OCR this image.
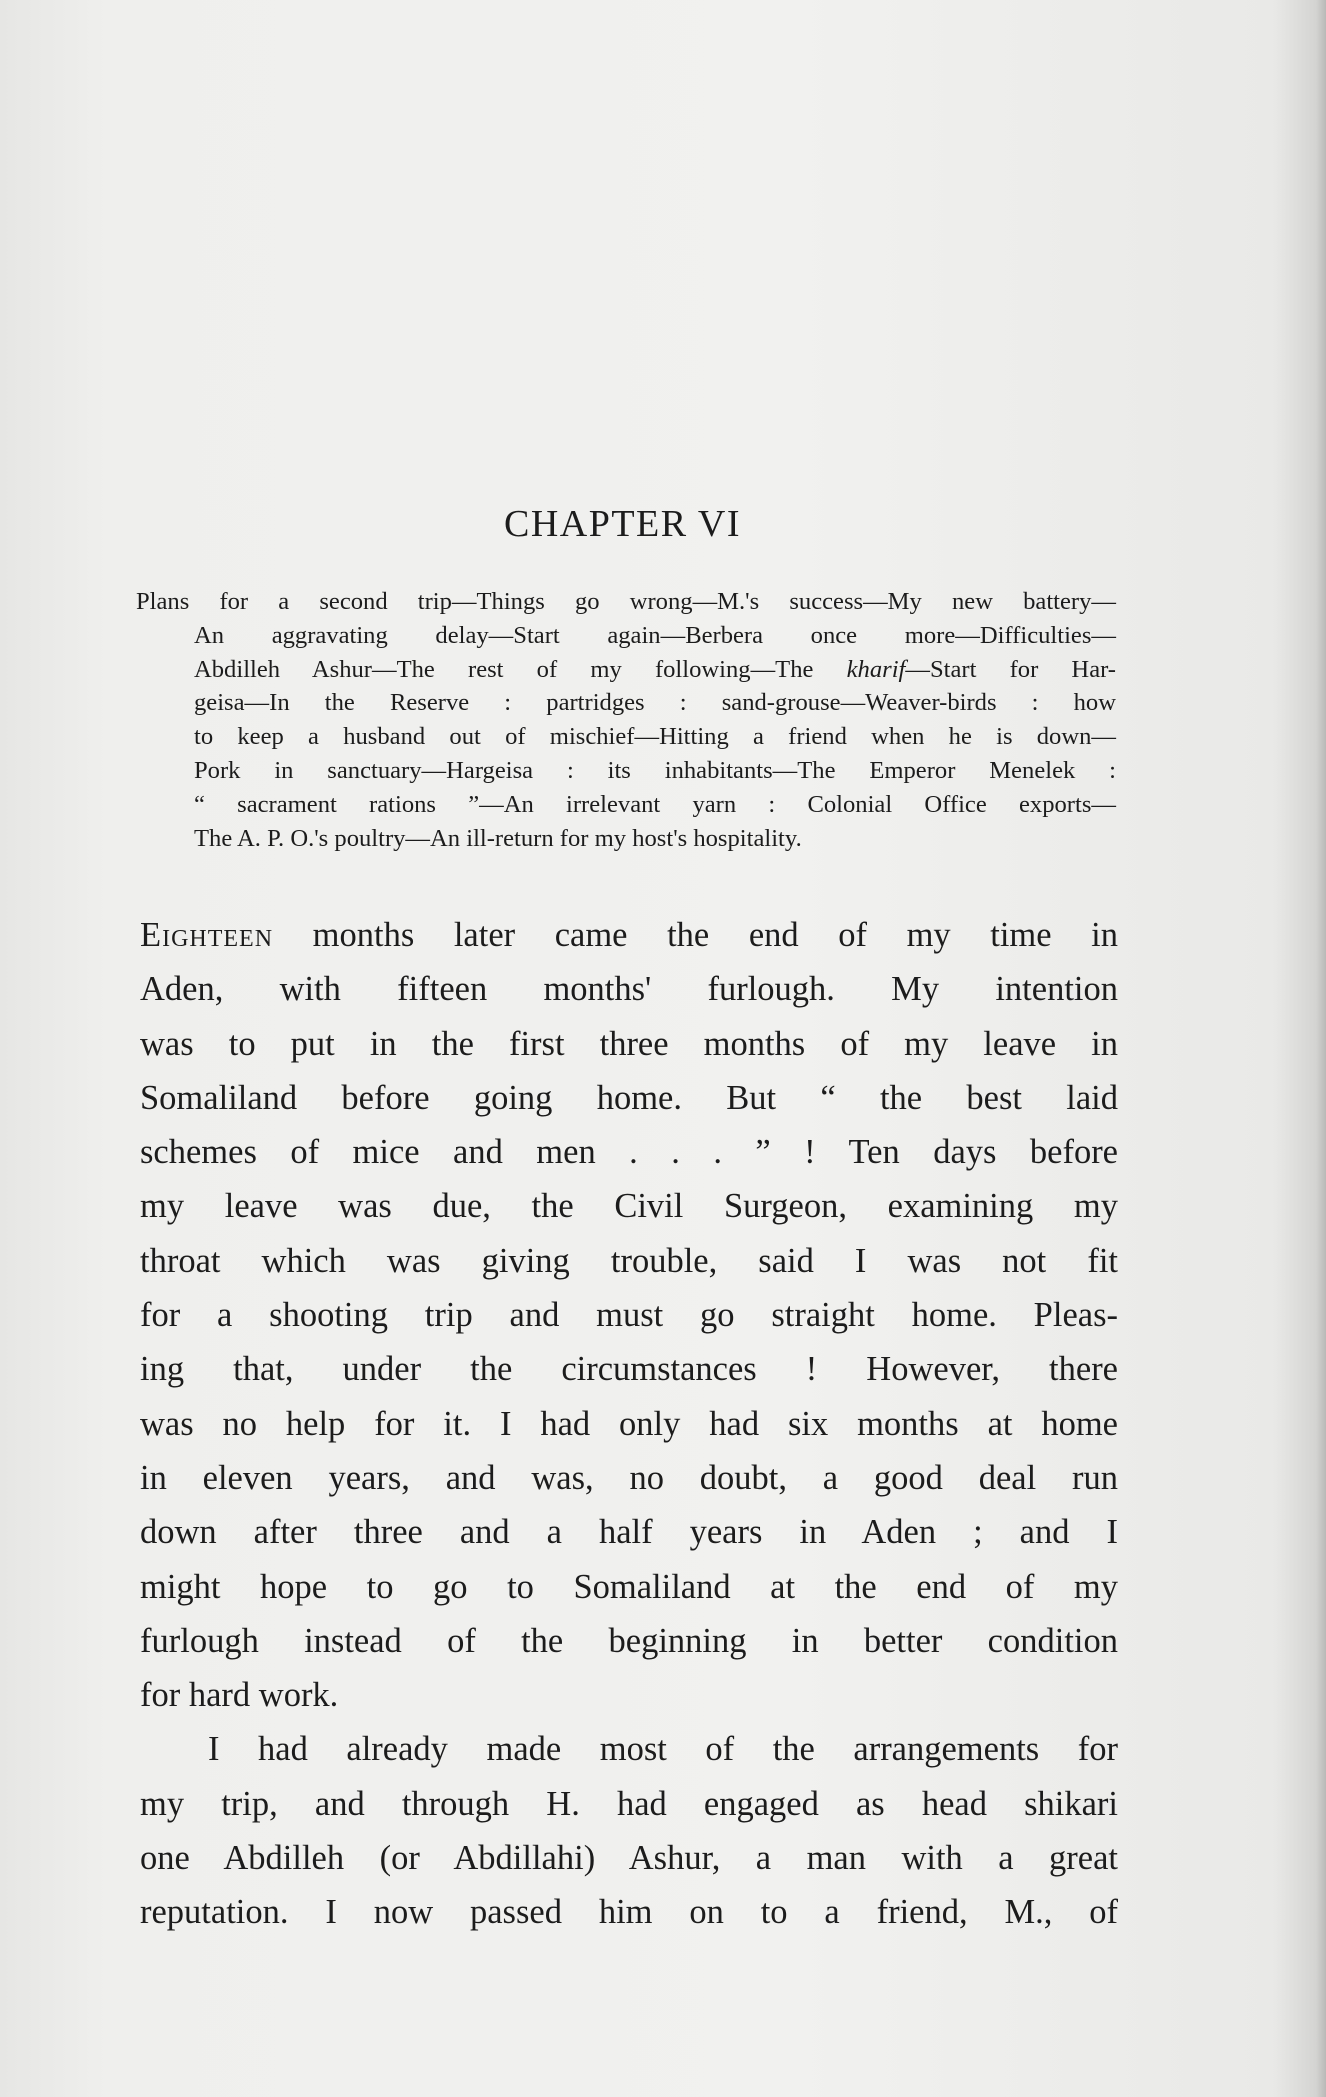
CHAPTER VI
Plans for a second trip—Things go wrong—M.'s success—My new battery—
An aggravating delay—Start again—Berbera once more—Difficulties—
Abdilleh Ashur—The rest of my following—The kharif—Start for Har-
geisa—In the Reserve : partridges : sand-grouse—Weaver-birds : how
to keep a husband out of mischief—Hitting a friend when he is down—
Pork in sanctuary—Hargeisa : its inhabitants—The Emperor Menelek :
“ sacrament rations ”—An irrelevant yarn : Colonial Office exports—
The A. P. O.'s poultry—An ill-return for my host's hospitality.
Eighteen months later came the end of my time in
Aden, with fifteen months' furlough. My intention
was to put in the first three months of my leave in
Somaliland before going home. But “ the best laid
schemes of mice and men . . . ” ! Ten days before
my leave was due, the Civil Surgeon, examining my
throat which was giving trouble, said I was not fit
for a shooting trip and must go straight home. Pleas-
ing that, under the circumstances ! However, there
was no help for it. I had only had six months at home
in eleven years, and was, no doubt, a good deal run
down after three and a half years in Aden ; and I
might hope to go to Somaliland at the end of my
furlough instead of the beginning in better condition
for hard work.
I had already made most of the arrangements for
my trip, and through H. had engaged as head shikari
one Abdilleh (or Abdillahi) Ashur, a man with a great
reputation. I now passed him on to a friend, M., of
